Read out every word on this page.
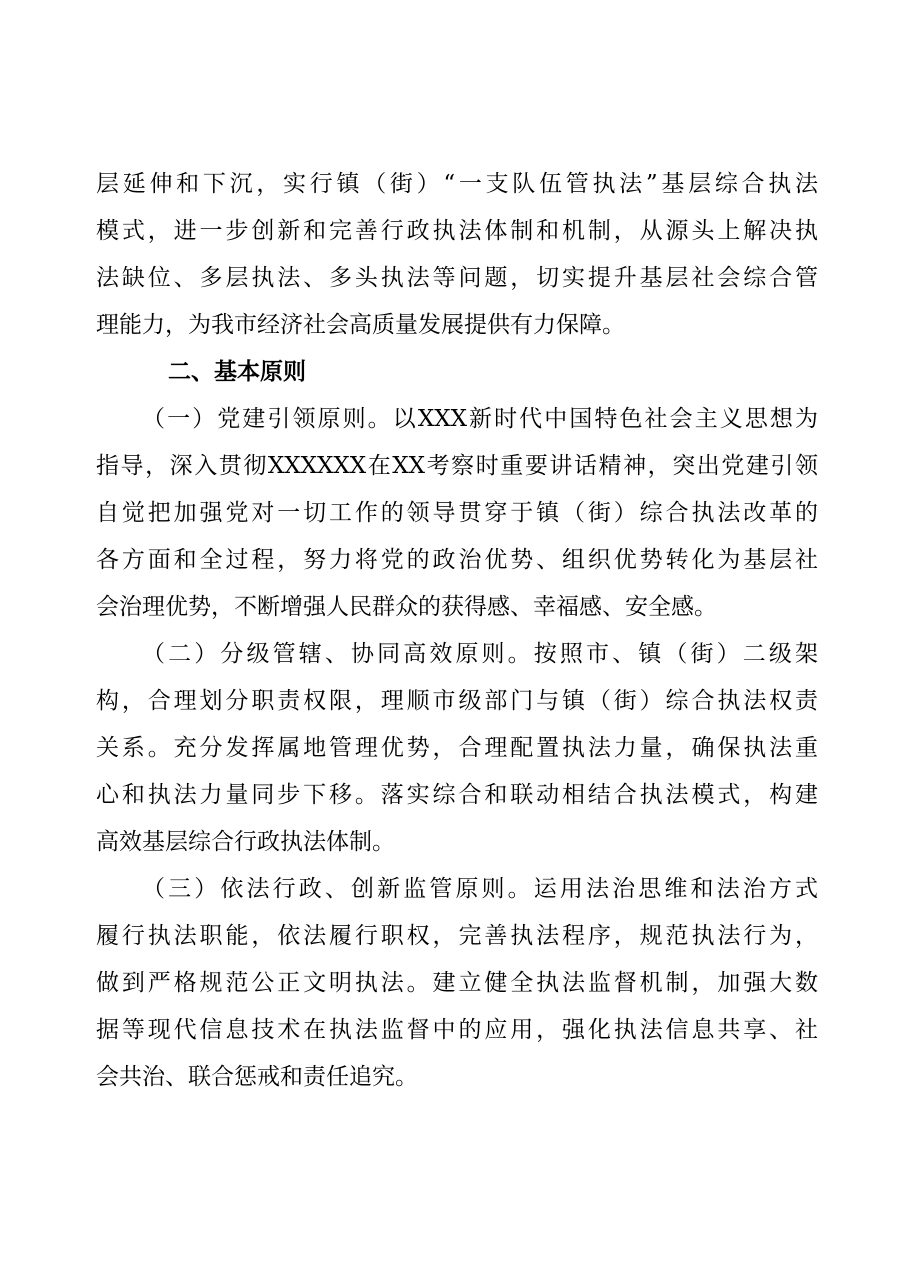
层延伸和下沉，实行镇（街）“一支队伍管执法”基层综合执法
模式，进一步创新和完善行政执法体制和机制，从源头上解决执
法缺位、多层执法、多头执法等问题，切实提升基层社会综合管
理能力，为我市经济社会高质量发展提供有力保障。
二、基本原则
（一）党建引领原则。以XXX新时代中国特色社会主义思想为
指导，深入贯彻XXXXXX在XX考察时重要讲话精神，突出党建引领
自觉把加强党对一切工作的领导贯穿于镇（街）综合执法改革的
各方面和全过程，努力将党的政治优势、组织优势转化为基层社
会治理优势，不断增强人民群众的获得感、幸福感、安全感。
（二）分级管辖、协同高效原则。按照市、镇（街）二级架
构，合理划分职责权限，理顺市级部门与镇（街）综合执法权责
关系。充分发挥属地管理优势，合理配置执法力量，确保执法重
心和执法力量同步下移。落实综合和联动相结合执法模式，构建
高效基层综合行政执法体制。
（三）依法行政、创新监管原则。运用法治思维和法治方式
履行执法职能，依法履行职权，完善执法程序，规范执法行为，
做到严格规范公正文明执法。建立健全执法监督机制，加强大数
据等现代信息技术在执法监督中的应用，强化执法信息共享、社
会共治、联合惩戒和责任追究。
